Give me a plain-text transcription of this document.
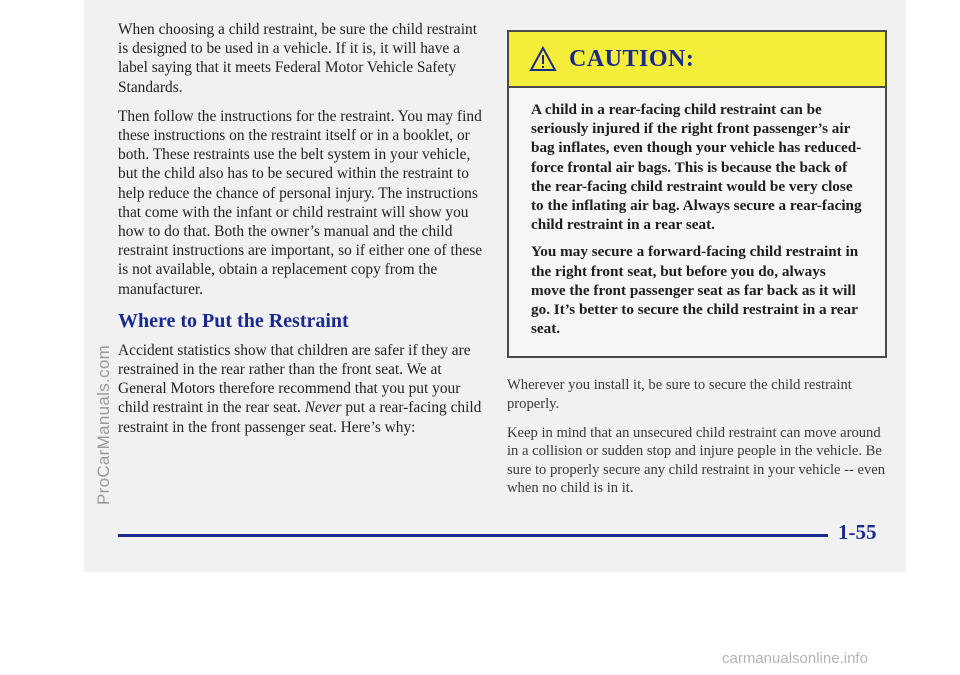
When choosing a child restraint, be sure the child restraint is designed to be used in a vehicle. If it is, it will have a label saying that it meets Federal Motor Vehicle Safety Standards.

Then follow the instructions for the restraint. You may find these instructions on the restraint itself or in a booklet, or both. These restraints use the belt system in your vehicle, but the child also has to be secured within the restraint to help reduce the chance of personal injury. The instructions that come with the infant or child restraint will show you how to do that. Both the owner’s manual and the child restraint instructions are important, so if either one of these is not available, obtain a replacement copy from the manufacturer.

Where to Put the Restraint

Accident statistics show that children are safer if they are restrained in the rear rather than the front seat. We at General Motors therefore recommend that you put your child restraint in the rear seat. Never put a rear-facing child restraint in the front passenger seat. Here’s why:

CAUTION:

A child in a rear-facing child restraint can be seriously injured if the right front passenger’s air bag inflates, even though your vehicle has reduced-force frontal air bags. This is because the back of the rear-facing child restraint would be very close to the inflating air bag. Always secure a rear-facing child restraint in a rear seat.

You may secure a forward-facing child restraint in the right front seat, but before you do, always move the front passenger seat as far back as it will go. It’s better to secure the child restraint in a rear seat.

Wherever you install it, be sure to secure the child restraint properly.

Keep in mind that an unsecured child restraint can move around in a collision or sudden stop and injure people in the vehicle. Be sure to properly secure any child restraint in your vehicle -- even when no child is in it.

1-55
ProCarManuals.com
carmanualsonline.info
